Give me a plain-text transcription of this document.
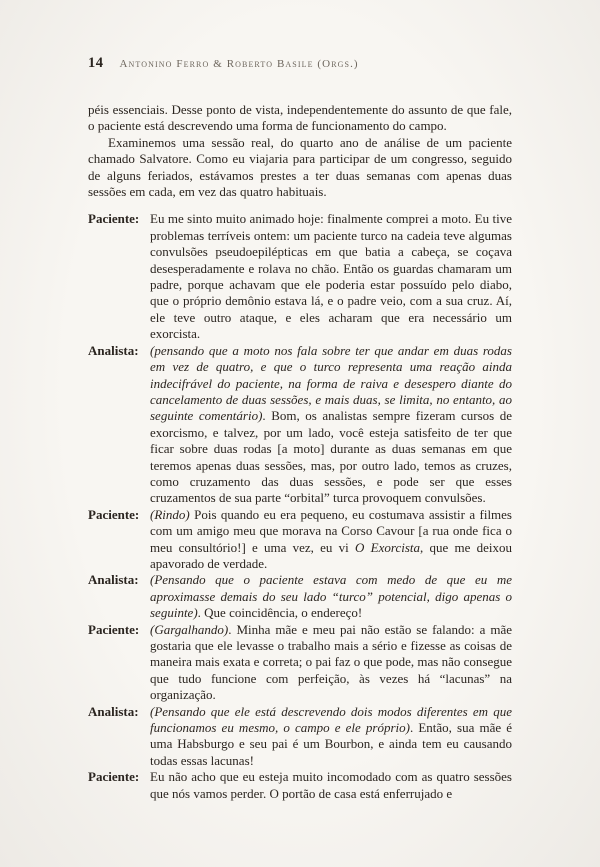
14 Antonino Ferro & Roberto Basile (Orgs.)

péis essenciais. Desse ponto de vista, independentemente do assunto de que fale, o paciente está descrevendo uma forma de funcionamento do campo.

Examinemos uma sessão real, do quarto ano de análise de um paciente chamado Salvatore. Como eu viajaria para participar de um congresso, seguido de alguns feriados, estávamos prestes a ter duas semanas com apenas duas sessões em cada, em vez das quatro habituais.

Paciente: Eu me sinto muito animado hoje: finalmente comprei a moto. Eu tive problemas terríveis ontem: um paciente turco na cadeia teve algumas convulsões pseudoepilépticas em que batia a cabeça, se coçava desesperadamente e rolava no chão. Então os guardas chamaram um padre, porque achavam que ele poderia estar possuído pelo diabo, que o próprio demônio estava lá, e o padre veio, com a sua cruz. Aí, ele teve outro ataque, e eles acharam que era necessário um exorcista.
Analista: (pensando que a moto nos fala sobre ter que andar em duas rodas em vez de quatro, e que o turco representa uma reação ainda indecifrável do paciente, na forma de raiva e desespero diante do cancelamento de duas sessões, e mais duas, se limita, no entanto, ao seguinte comentário). Bom, os analistas sempre fizeram cursos de exorcismo, e talvez, por um lado, você esteja satisfeito de ter que ficar sobre duas rodas [a moto] durante as duas semanas em que teremos apenas duas sessões, mas, por outro lado, temos as cruzes, como cruzamento das duas sessões, e pode ser que esses cruzamentos de sua parte “orbital” turca provoquem convulsões.
Paciente: (Rindo) Pois quando eu era pequeno, eu costumava assistir a filmes com um amigo meu que morava na Corso Cavour [a rua onde fica o meu consultório!] e uma vez, eu vi O Exorcista, que me deixou apavorado de verdade.
Analista: (Pensando que o paciente estava com medo de que eu me aproximasse demais do seu lado “turco” potencial, digo apenas o seguinte). Que coincidência, o endereço!
Paciente: (Gargalhando). Minha mãe e meu pai não estão se falando: a mãe gostaria que ele levasse o trabalho mais a sério e fizesse as coisas de maneira mais exata e correta; o pai faz o que pode, mas não consegue que tudo funcione com perfeição, às vezes há “lacunas” na organização.
Analista: (Pensando que ele está descrevendo dois modos diferentes em que funcionamos eu mesmo, o campo e ele próprio). Então, sua mãe é uma Habsburgo e seu pai é um Bourbon, e ainda tem eu causando todas essas lacunas!
Paciente: Eu não acho que eu esteja muito incomodado com as quatro sessões que nós vamos perder. O portão de casa está enferrujado e
